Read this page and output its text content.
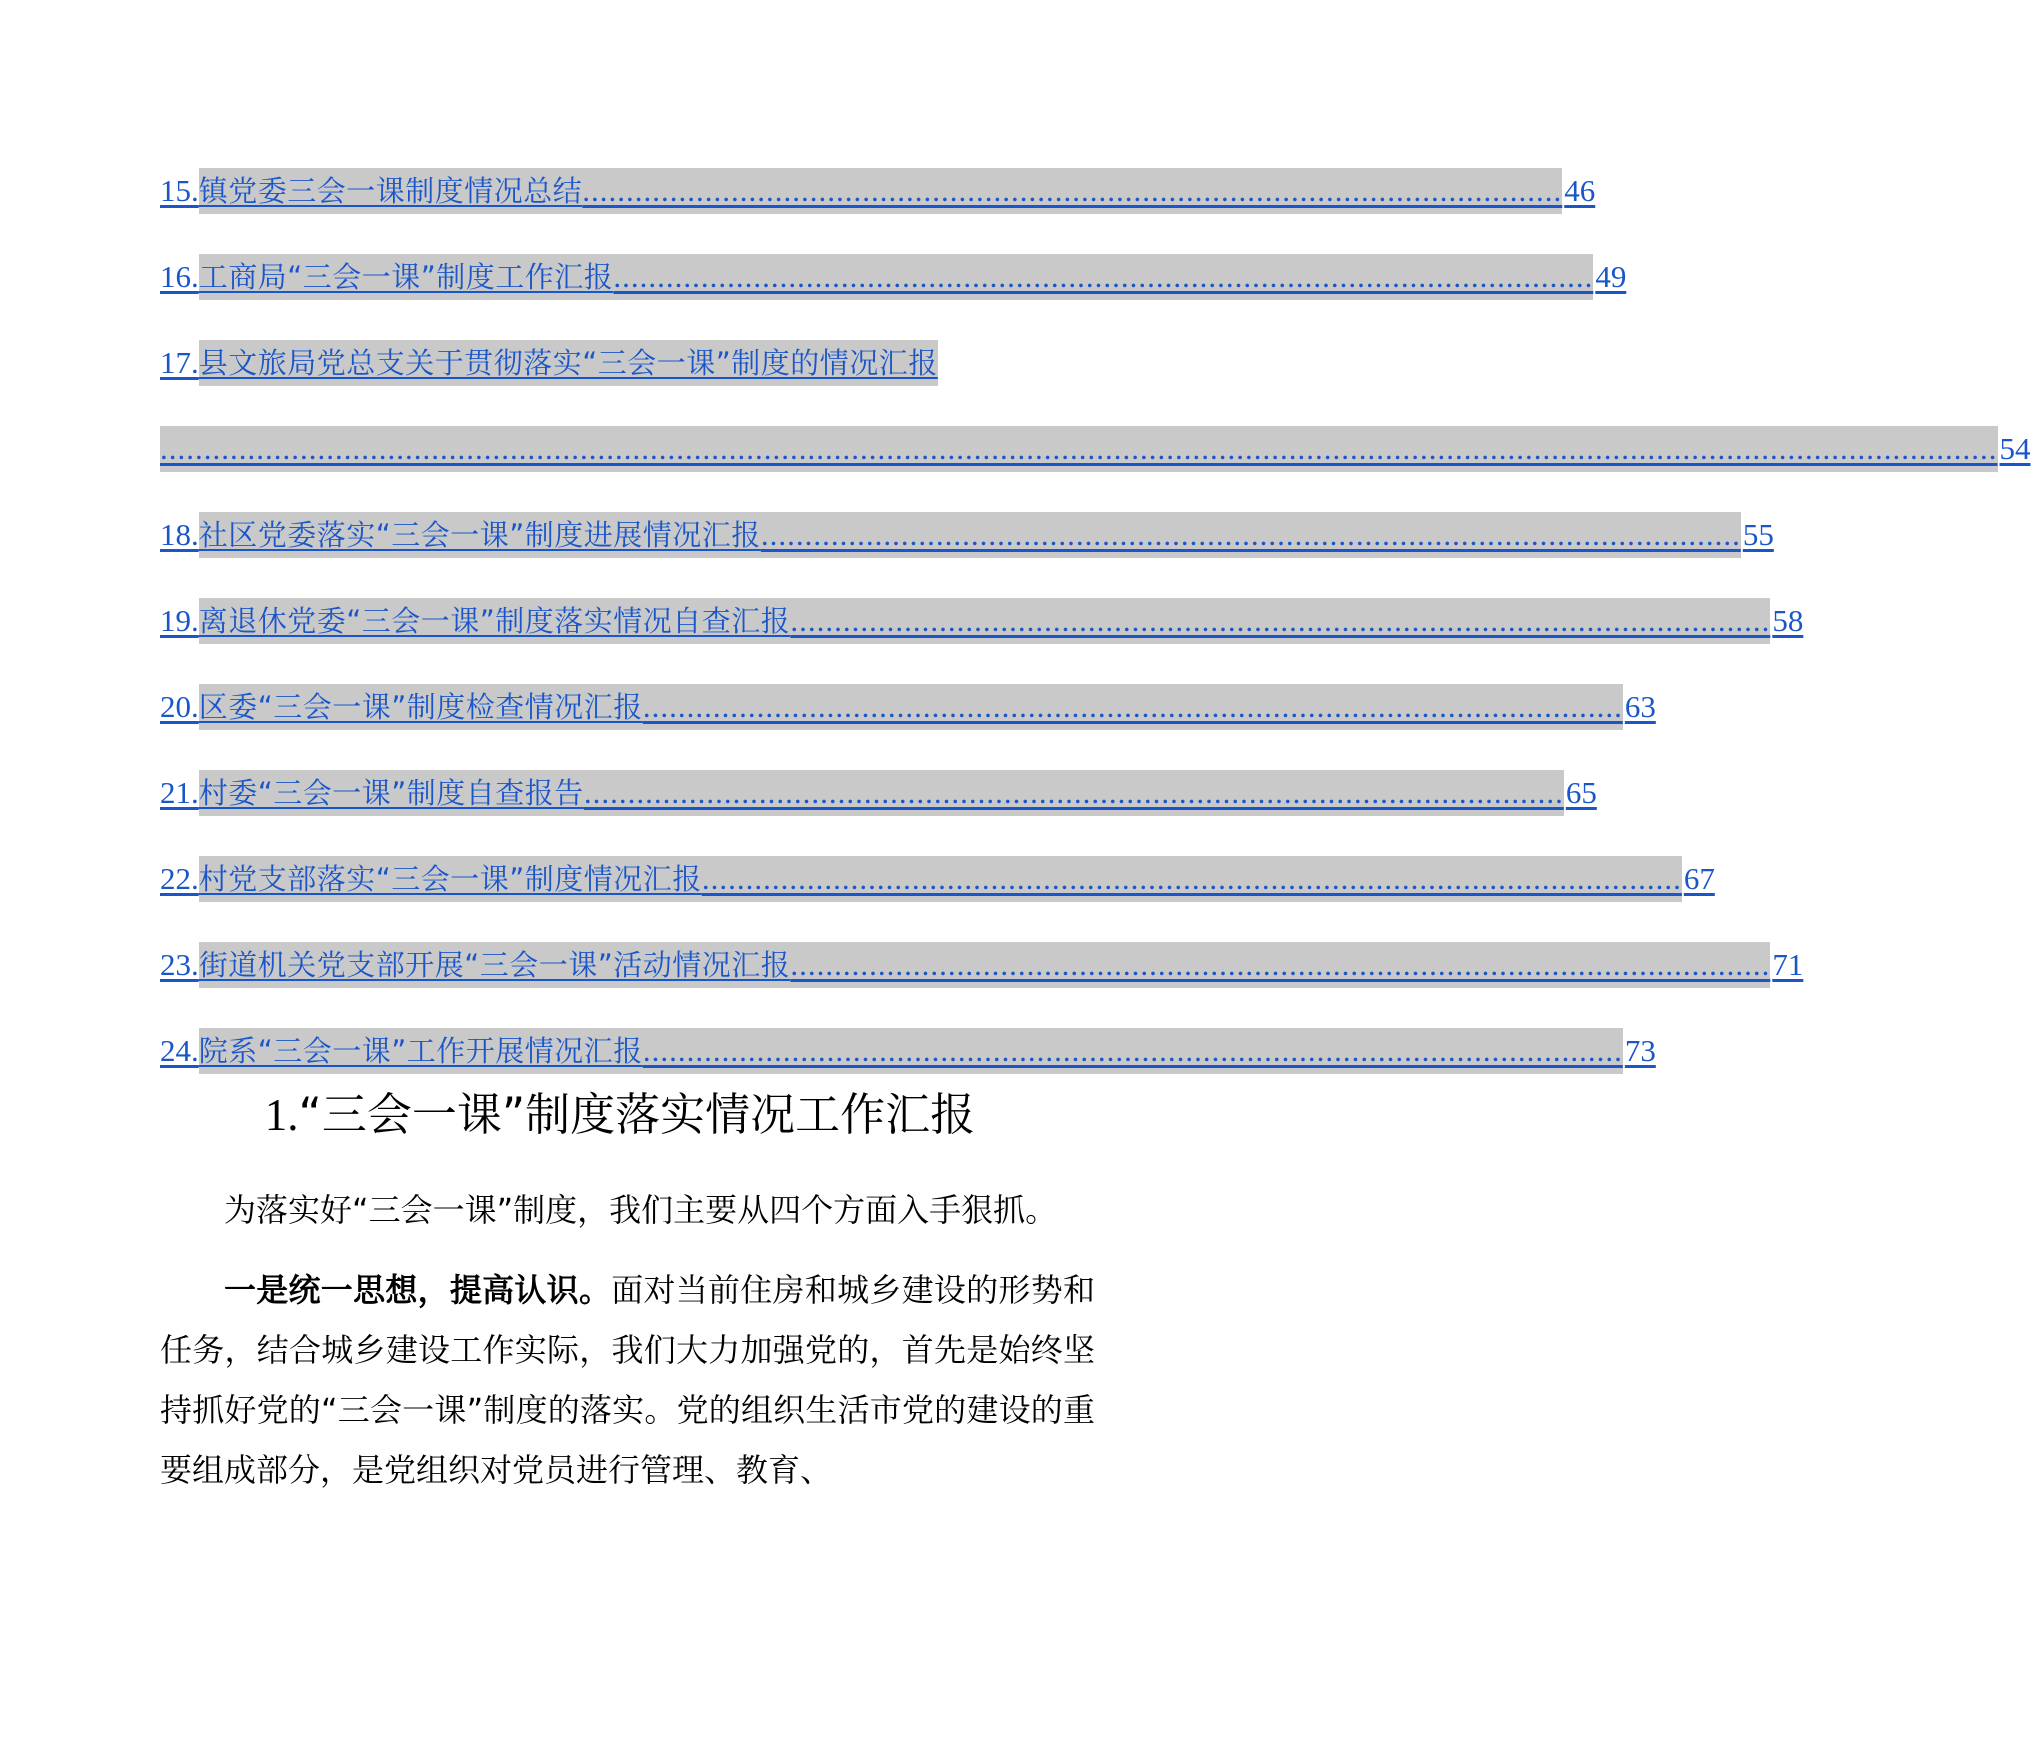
15. 镇党委三会一课制度情况总结 ................................................................................................................ 46
16. 工商局“三会一课”制度工作汇报 ................................................................................................................ 49
17. 县文旅局党总支关于贯彻落实“三会一课”制度的情况汇报
.................................................................................................................................................................................................................. 54
18. 社区党委落实“三会一课”制度进展情况汇报 ................................................................................................................ 55
19. 离退休党委“三会一课”制度落实情况自查汇报 ................................................................................................................ 58
20. 区委“三会一课”制度检查情况汇报 ................................................................................................................ 63
21. 村委“三会一课”制度自查报告 ................................................................................................................ 65
22. 村党支部落实“三会一课”制度情况汇报 ................................................................................................................ 67
23. 街道机关党支部开展“三会一课”活动情况汇报 ................................................................................................................ 71
24. 院系“三会一课”工作开展情况汇报 ................................................................................................................ 73
1.“三会一课”制度落实情况工作汇报

为落实好“三会一课”制度，我们主要从四个方面入手狠抓。

一是统一思想，提高认识。面对当前住房和城乡建设的形势和任务，结合城乡建设工作实际，我们大力加强党的，首先是始终坚持抓好党的“三会一课”制度的落实。党的组织生活市党的建设的重要组成部分，是党组织对党员进行管理、教育、
